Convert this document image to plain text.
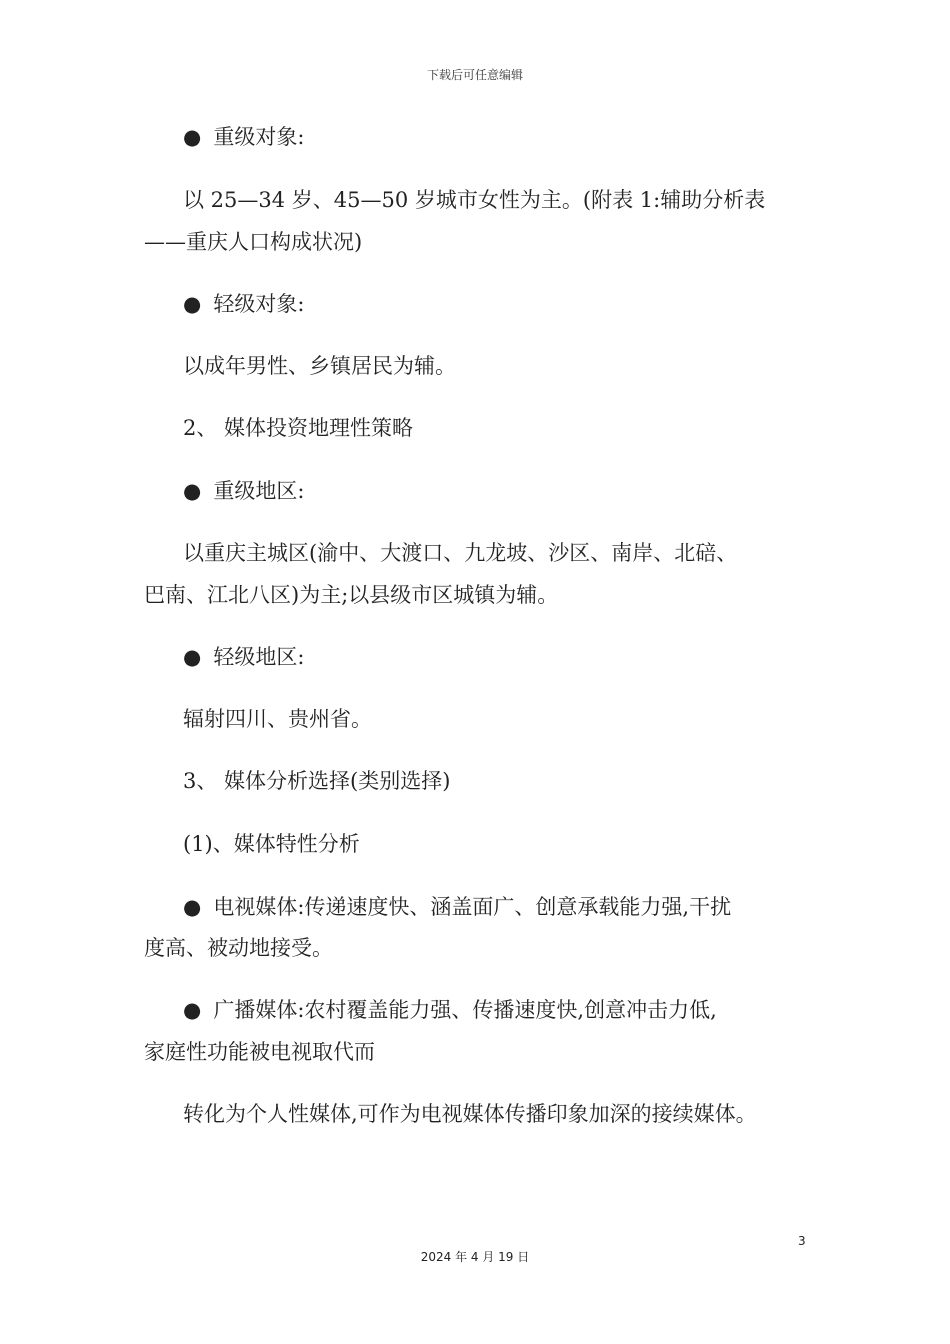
下载后可任意编辑
● 重级对象:
以 25—34 岁、45—50 岁城市女性为主。(附表 1:辅助分析表
——重庆人口构成状况)
● 轻级对象:
以成年男性、乡镇居民为辅。
2、 媒体投资地理性策略
● 重级地区:
以重庆主城区(渝中、大渡口、九龙坡、沙区、南岸、北碚、
巴南、江北八区)为主;以县级市区城镇为辅。
● 轻级地区:
辐射四川、贵州省。
3、 媒体分析选择(类别选择)
(1)、媒体特性分析
● 电视媒体:传递速度快、涵盖面广、创意承载能力强,干扰
度高、被动地接受。
● 广播媒体:农村覆盖能力强、传播速度快,创意冲击力低,
家庭性功能被电视取代而
转化为个人性媒体,可作为电视媒体传播印象加深的接续媒体。
3
2024 年 4 月 19 日
